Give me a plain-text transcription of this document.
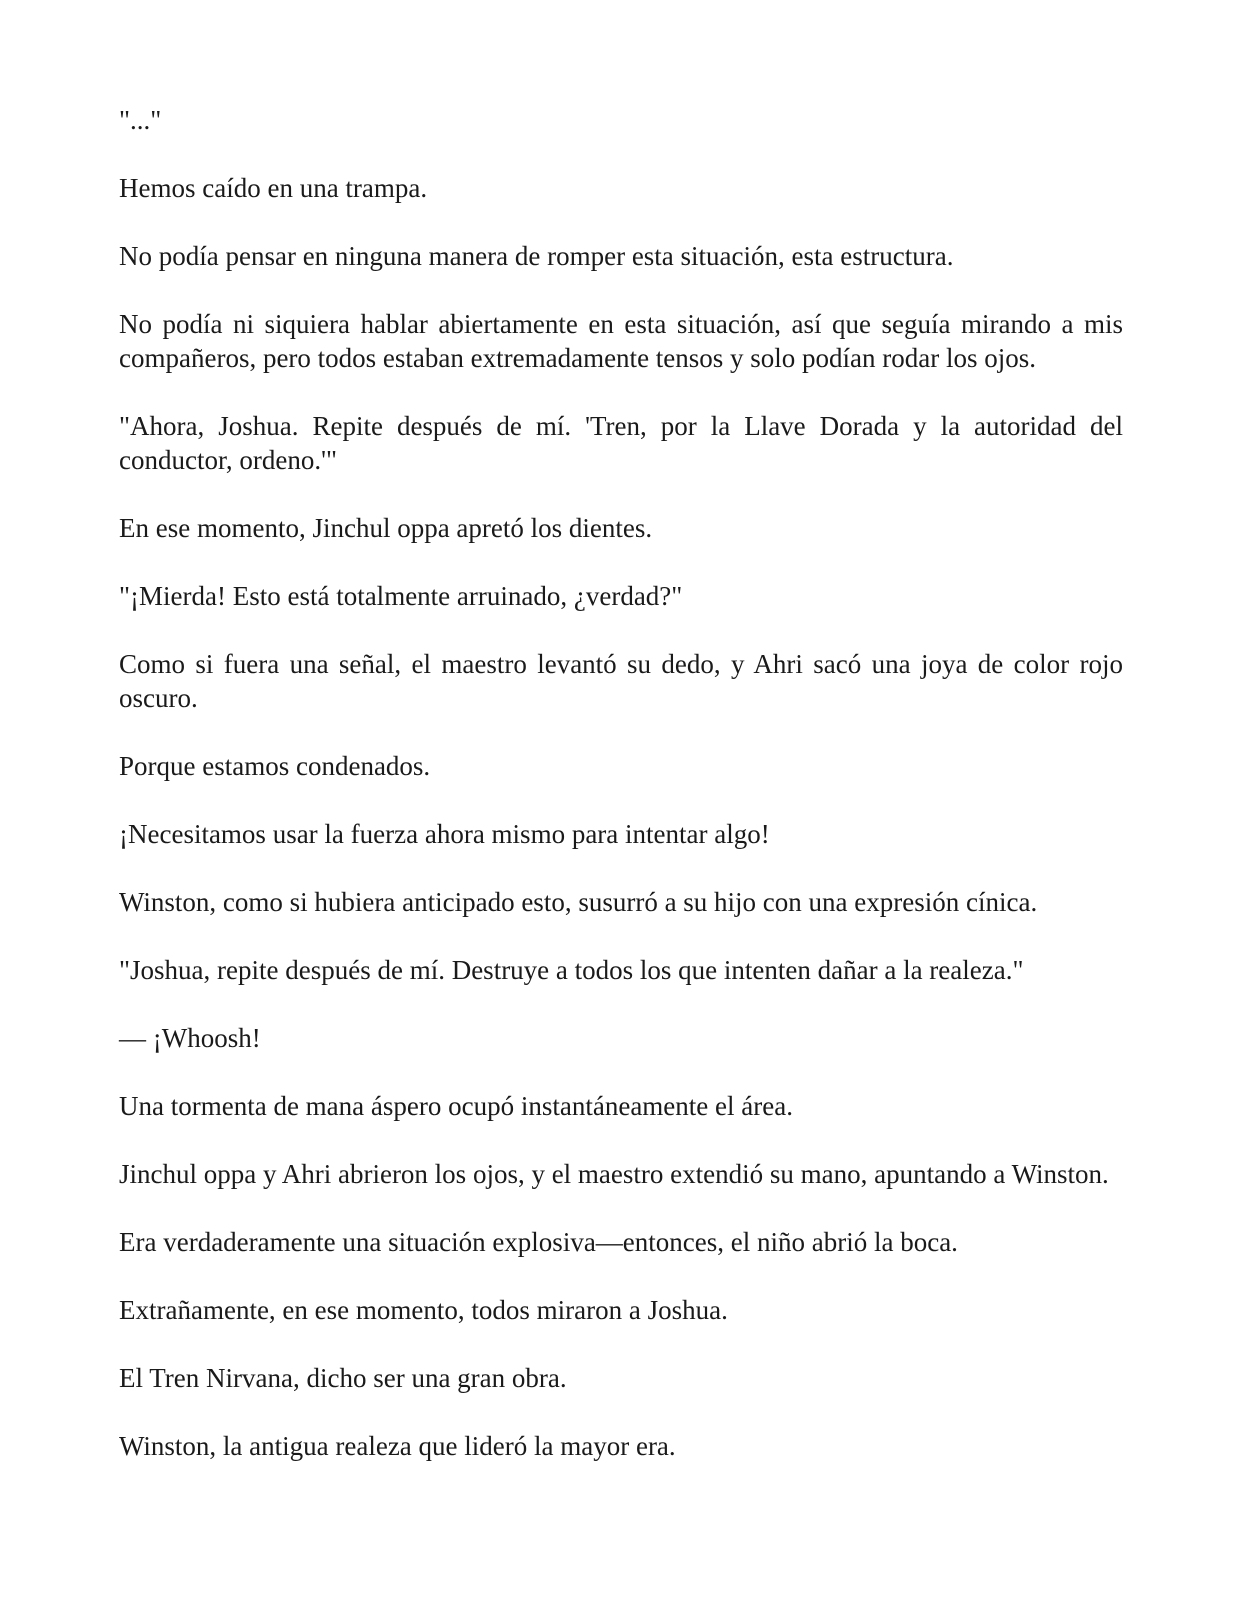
"..."

Hemos caído en una trampa.

No podía pensar en ninguna manera de romper esta situación, esta estructura.

No podía ni siquiera hablar abiertamente en esta situación, así que seguía mirando a mis compañeros, pero todos estaban extremadamente tensos y solo podían rodar los ojos.

"Ahora, Joshua. Repite después de mí. 'Tren, por la Llave Dorada y la autoridad del conductor, ordeno.'"

En ese momento, Jinchul oppa apretó los dientes.

"¡Mierda! Esto está totalmente arruinado, ¿verdad?"

Como si fuera una señal, el maestro levantó su dedo, y Ahri sacó una joya de color rojo oscuro.

Porque estamos condenados.

¡Necesitamos usar la fuerza ahora mismo para intentar algo!

Winston, como si hubiera anticipado esto, susurró a su hijo con una expresión cínica.

"Joshua, repite después de mí. Destruye a todos los que intenten dañar a la realeza."

— ¡Whoosh!

Una tormenta de mana áspero ocupó instantáneamente el área.

Jinchul oppa y Ahri abrieron los ojos, y el maestro extendió su mano, apuntando a Winston.

Era verdaderamente una situación explosiva—entonces, el niño abrió la boca.

Extrañamente, en ese momento, todos miraron a Joshua.

El Tren Nirvana, dicho ser una gran obra.

Winston, la antigua realeza que lideró la mayor era.
